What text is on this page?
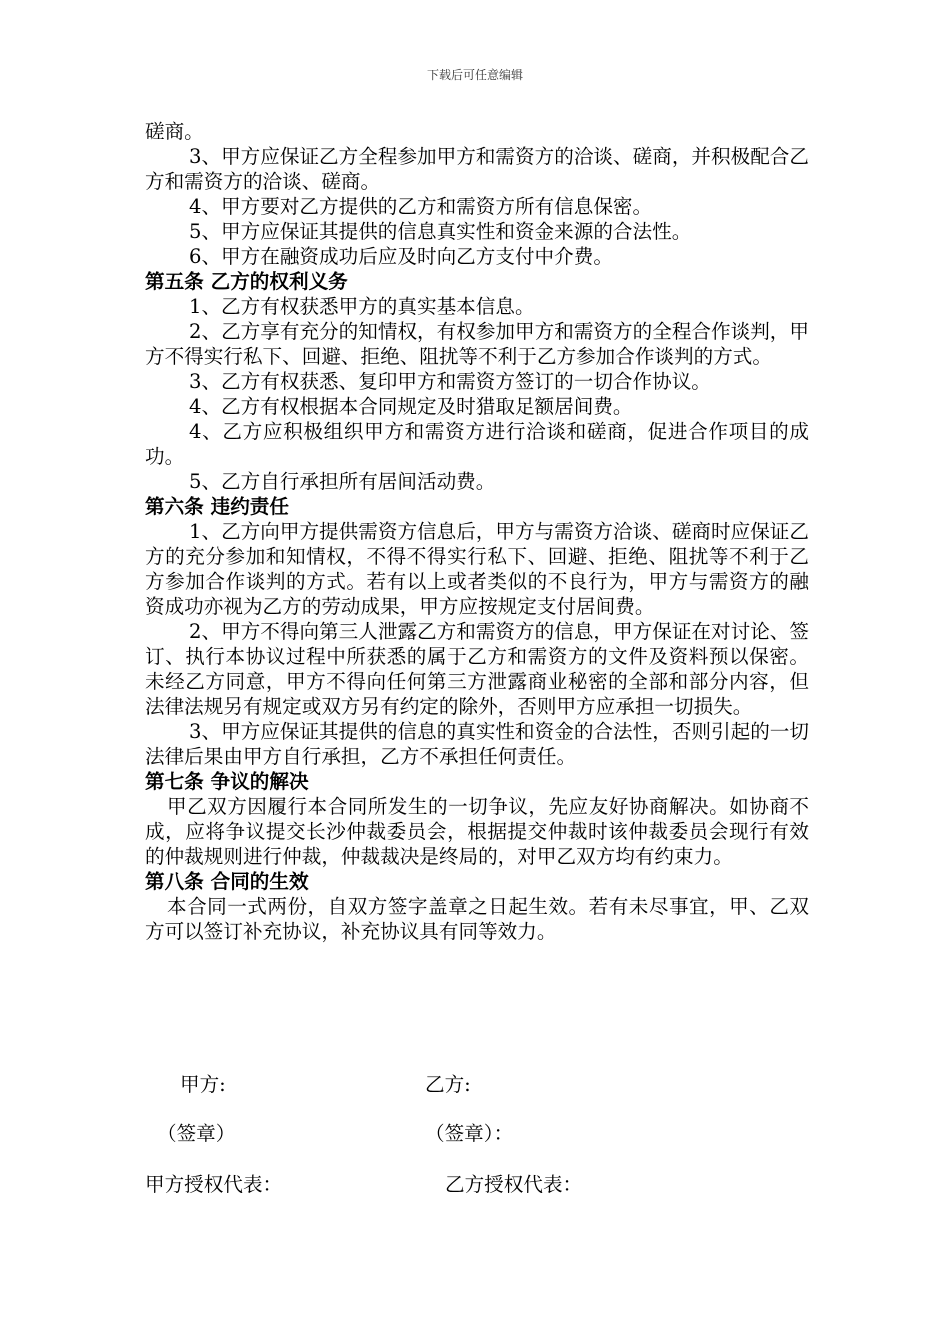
下载后可任意编辑

磋商。

3、甲方应保证乙方全程参加甲方和需资方的洽谈、磋商，并积极配合乙方和需资方的洽谈、磋商。

4、甲方要对乙方提供的乙方和需资方所有信息保密。

5、甲方应保证其提供的信息真实性和资金来源的合法性。

6、甲方在融资成功后应及时向乙方支付中介费。

第五条 乙方的权利义务

1、乙方有权获悉甲方的真实基本信息。

2、乙方享有充分的知情权，有权参加甲方和需资方的全程合作谈判，甲方不得实行私下、回避、拒绝、阻扰等不利于乙方参加合作谈判的方式。

3、乙方有权获悉、复印甲方和需资方签订的一切合作协议。

4、乙方有权根据本合同规定及时猎取足额居间费。

4、乙方应积极组织甲方和需资方进行洽谈和磋商，促进合作项目的成功。

5、乙方自行承担所有居间活动费。

第六条 违约责任

1、乙方向甲方提供需资方信息后，甲方与需资方洽谈、磋商时应保证乙方的充分参加和知情权，不得不得实行私下、回避、拒绝、阻扰等不利于乙方参加合作谈判的方式。若有以上或者类似的不良行为，甲方与需资方的融资成功亦视为乙方的劳动成果，甲方应按规定支付居间费。

2、甲方不得向第三人泄露乙方和需资方的信息，甲方保证在对讨论、签订、执行本协议过程中所获悉的属于乙方和需资方的文件及资料预以保密。未经乙方同意，甲方不得向任何第三方泄露商业秘密的全部和部分内容，但法律法规另有规定或双方另有约定的除外，否则甲方应承担一切损失。

3、甲方应保证其提供的信息的真实性和资金的合法性，否则引起的一切法律后果由甲方自行承担，乙方不承担任何责任。

第七条 争议的解决

甲乙双方因履行本合同所发生的一切争议，先应友好协商解决。如协商不成，应将争议提交长沙仲裁委员会，根据提交仲裁时该仲裁委员会现行有效的仲裁规则进行仲裁，仲裁裁决是终局的，对甲乙双方均有约束力。

第八条 合同的生效

本合同一式两份，自双方签字盖章之日起生效。若有未尽事宜，甲、乙双方可以签订补充协议，补充协议具有同等效力。

甲方:	乙方:
（签章）	（签章）：
甲方授权代表：	乙方授权代表：
